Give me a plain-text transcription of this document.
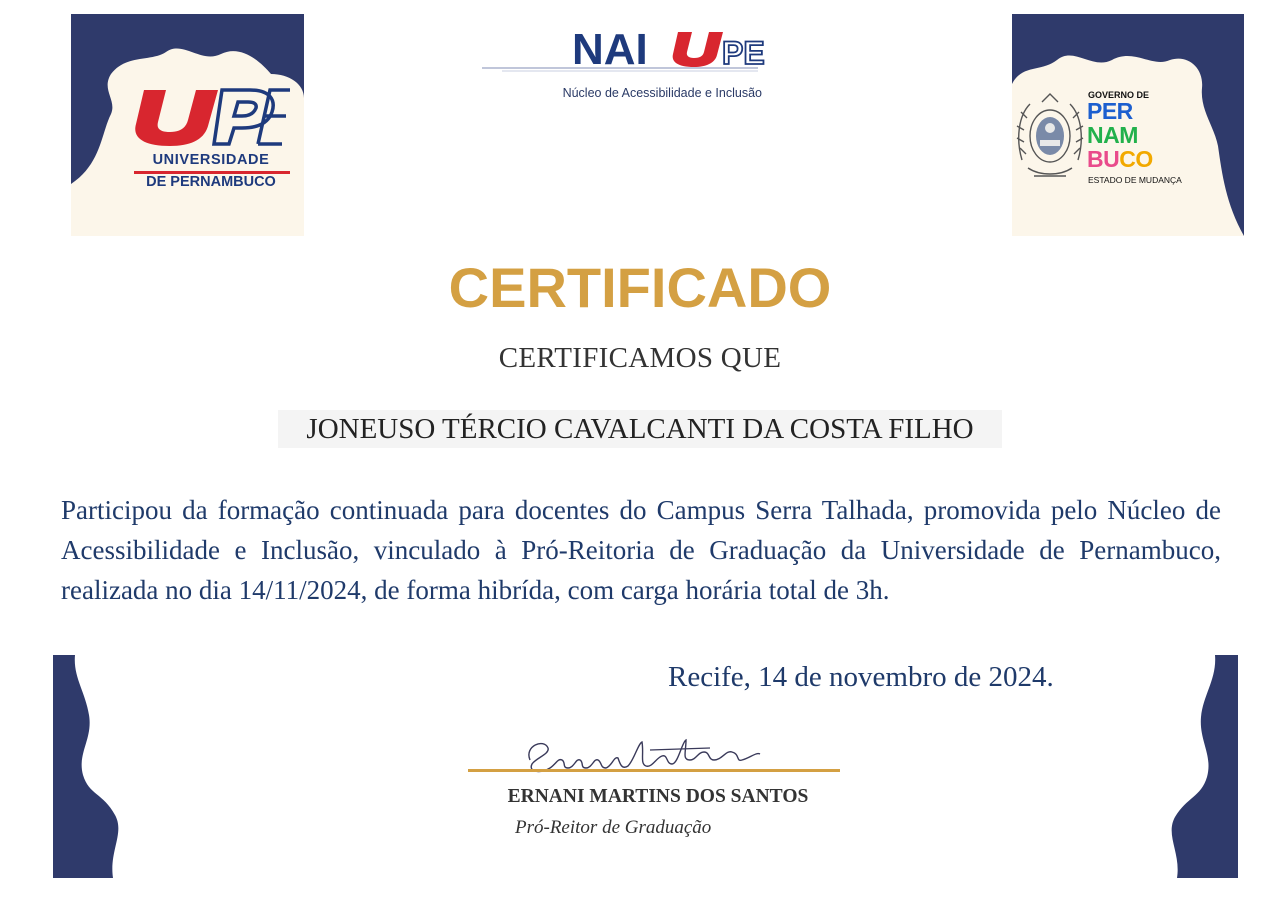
UNIVERSIDADE
DE PERNAMBUCO
NAI PE
Núcleo de Acessibilidade e Inclusão	GOVERNO DE
PER
NAM
BUCO
ESTADO DE MUDANÇA
CERTIFICADO
CERTIFICAMOS QUE
JONEUSO TÉRCIO CAVALCANTI DA COSTA FILHO
Participou da formação continuada para docentes do Campus Serra Talhada, promovida pelo Núcleo de Acessibilidade e Inclusão, vinculado à Pró-Reitoria de Graduação da Universidade de Pernambuco, realizada no dia 14/11/2024, de forma hibrída, com carga horária total de 3h.
Recife, 14 de novembro de 2024.
ERNANI MARTINS DOS SANTOS
Pró-Reitor de Graduação
